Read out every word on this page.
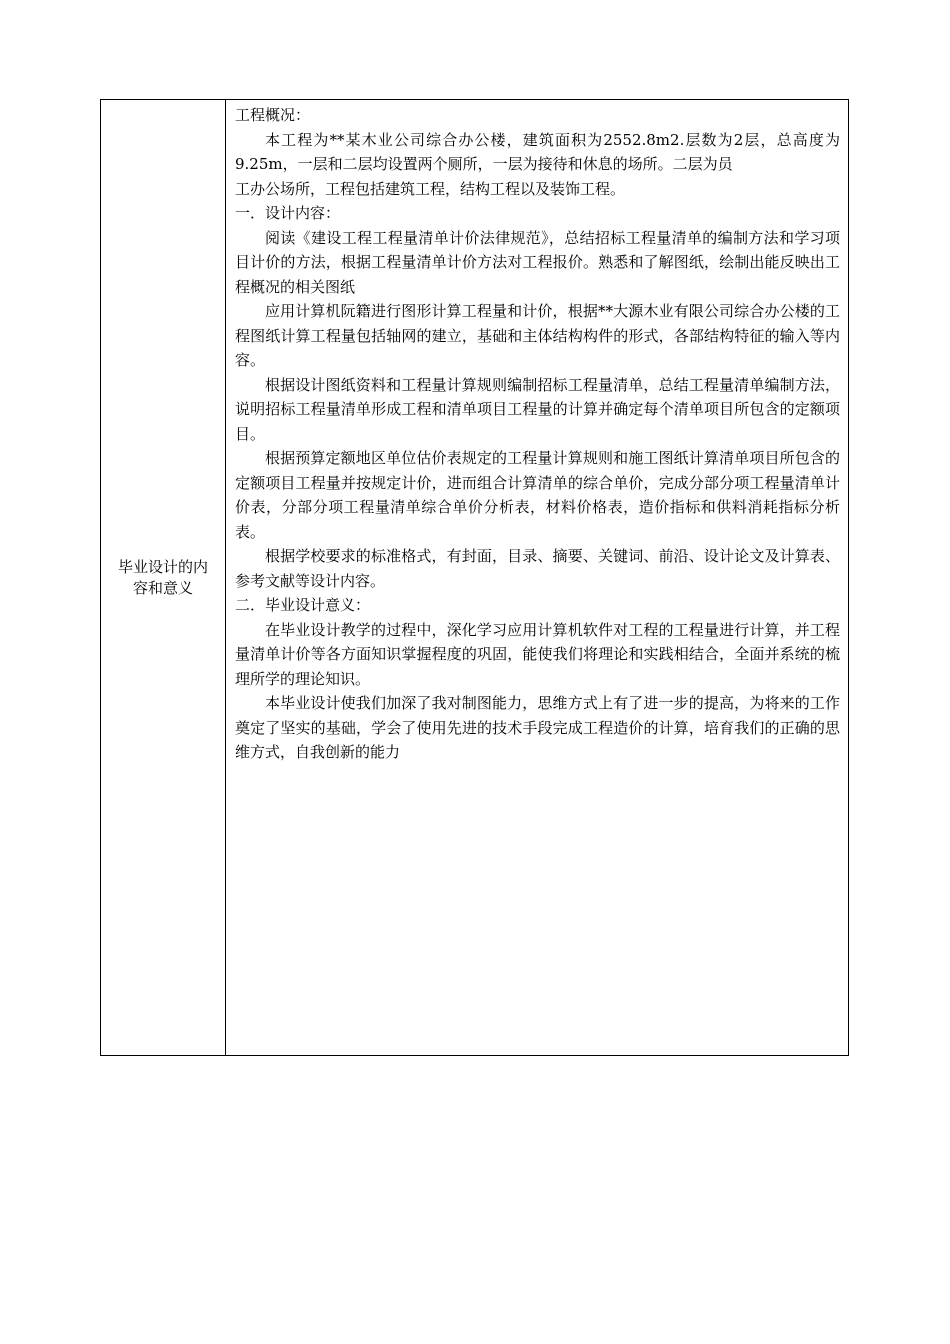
毕业设计的内
容和意义

工程概况：

本工程为**某木业公司综合办公楼，建筑面积为2552.8m2.层数为2层，总高度为9.25m，一层和二层均设置两个厕所，一层为接待和休息的场所。二层为员

工办公场所，工程包括建筑工程，结构工程以及装饰工程。

一．设计内容：

阅读《建设工程工程量清单计价法律规范》，总结招标工程量清单的编制方法和学习项目计价的方法，根据工程量清单计价方法对工程报价。熟悉和了解图纸，绘制出能反映出工程概况的相关图纸

应用计算机阮籍进行图形计算工程量和计价，根据**大源木业有限公司综合办公楼的工程图纸计算工程量包括轴网的建立，基础和主体结构构件的形式，各部结构特征的输入等内容。

根据设计图纸资料和工程量计算规则编制招标工程量清单，总结工程量清单编制方法，说明招标工程量清单形成工程和清单项目工程量的计算并确定每个清单项目所包含的定额项目。

根据预算定额地区单位估价表规定的工程量计算规则和施工图纸计算清单项目所包含的定额项目工程量并按规定计价，进而组合计算清单的综合单价，完成分部分项工程量清单计价表，分部分项工程量清单综合单价分析表，材料价格表，造价指标和供料消耗指标分析表。

根据学校要求的标准格式，有封面，目录、摘要、关键词、前沿、设计论文及计算表、参考文献等设计内容。

二．毕业设计意义：

在毕业设计教学的过程中，深化学习应用计算机软件对工程的工程量进行计算，并工程量清单计价等各方面知识掌握程度的巩固，能使我们将理论和实践相结合，全面并系统的梳理所学的理论知识。

本毕业设计使我们加深了我对制图能力，思维方式上有了进一步的提高，为将来的工作奠定了坚实的基础，学会了使用先进的技术手段完成工程造价的计算，培育我们的正确的思维方式，自我创新的能力
